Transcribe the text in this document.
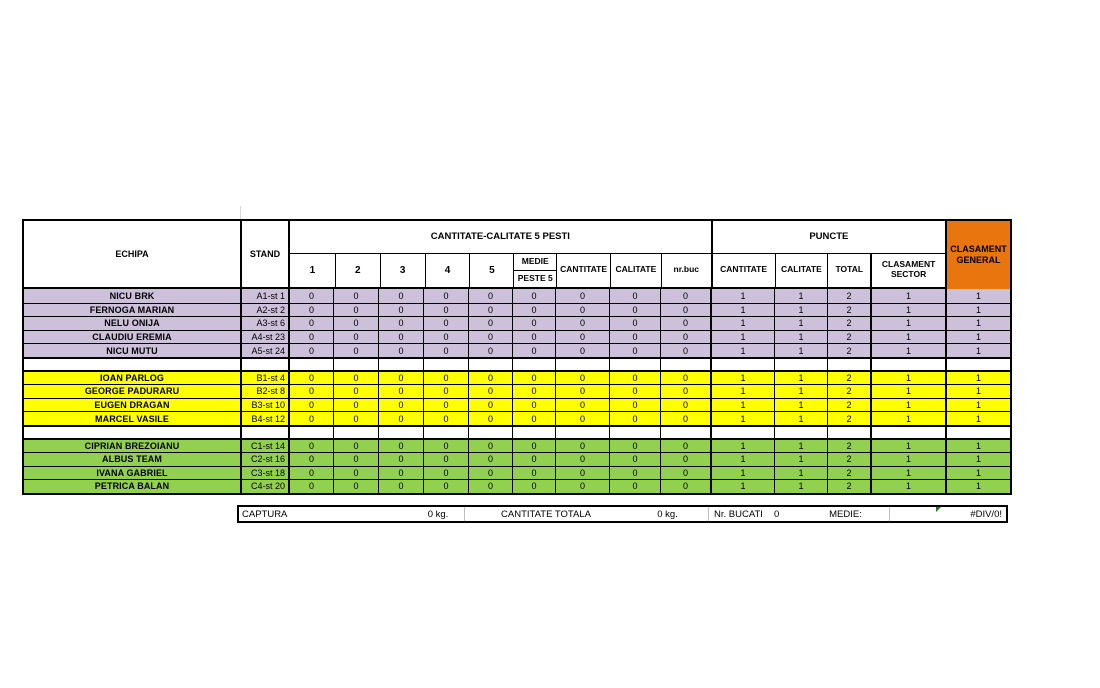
ECHIPA	STAND
CANTITATE-CALITATE 5 PESTI	PUNCTE
1	2	3	4	5
MEDIE
PESTE 5
CANTITATE	CALITATE	nr.buc	CANTITATE	CALITATE	TOTAL	CLASAMENT
SECTOR
CLASAMENT
GENERAL
NICU BRK	A1-st 1	0	0	0	0	0	0	0	0	0	1	1	2	1	1
FERNOGA MARIAN	A2-st 2	0	0	0	0	0	0	0	0	0	1	1	2	1	1
NELU ONIJA	A3-st 6	0	0	0	0	0	0	0	0	0	1	1	2	1	1
CLAUDIU EREMIA	A4-st 23	0	0	0	0	0	0	0	0	0	1	1	2	1	1
NICU MUTU	A5-st 24	0	0	0	0	0	0	0	0	0	1	1	2	1	1
IOAN PARLOG	B1-st 4	0	0	0	0	0	0	0	0	0	1	1	2	1	1
GEORGE PADURARU	B2-st 8	0	0	0	0	0	0	0	0	0	1	1	2	1	1
EUGEN DRAGAN	B3-st 10	0	0	0	0	0	0	0	0	0	1	1	2	1	1
MARCEL VASILE	B4-st 12	0	0	0	0	0	0	0	0	0	1	1	2	1	1
CIPRIAN BREZOIANU	C1-st 14	0	0	0	0	0	0	0	0	0	1	1	2	1	1
ALBUS TEAM	C2-st 16	0	0	0	0	0	0	0	0	0	1	1	2	1	1
IVANA GABRIEL	C3-st 18	0	0	0	0	0	0	0	0	0	1	1	2	1	1
PETRICA BALAN	C4-st 20	0	0	0	0	0	0	0	0	0	1	1	2	1	1
CAPTURA	0 kg.	CANTITATE TOTALA	0 kg.	Nr. BUCATI	0	MEDIE:	#DIV/0!
